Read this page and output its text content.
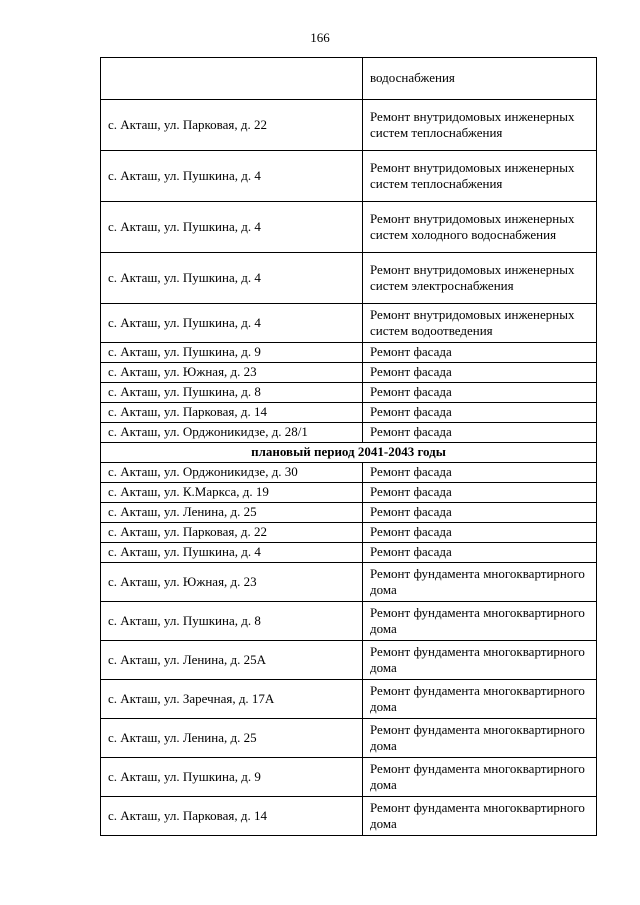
166
	водоснабжения
с. Акташ, ул. Парковая, д. 22	Ремонт внутридомовых инженерных систем теплоснабжения
с. Акташ, ул. Пушкина, д. 4	Ремонт внутридомовых инженерных систем теплоснабжения
с. Акташ, ул. Пушкина, д. 4	Ремонт внутридомовых инженерных систем холодного водоснабжения
с. Акташ, ул. Пушкина, д. 4	Ремонт внутридомовых инженерных систем электроснабжения
с. Акташ, ул. Пушкина, д. 4	Ремонт внутридомовых инженерных систем водоотведения
с. Акташ, ул. Пушкина, д. 9	Ремонт фасада
с. Акташ, ул. Южная, д. 23	Ремонт фасада
с. Акташ, ул. Пушкина, д. 8	Ремонт фасада
с. Акташ, ул. Парковая, д. 14	Ремонт фасада
с. Акташ, ул. Орджоникидзе, д. 28/1	Ремонт фасада
плановый период 2041-2043 годы	
с. Акташ, ул. Орджоникидзе, д. 30	Ремонт фасада
с. Акташ, ул. К.Маркса, д. 19	Ремонт фасада
с. Акташ, ул. Ленина, д. 25	Ремонт фасада
с. Акташ, ул. Парковая, д. 22	Ремонт фасада
с. Акташ, ул. Пушкина, д. 4	Ремонт фасада
с. Акташ, ул. Южная, д. 23	Ремонт фундамента многоквартирного дома
с. Акташ, ул. Пушкина, д. 8	Ремонт фундамента многоквартирного дома
с. Акташ, ул. Ленина, д. 25А	Ремонт фундамента многоквартирного дома
с. Акташ, ул. Заречная, д. 17А	Ремонт фундамента многоквартирного дома
с. Акташ, ул. Ленина, д. 25	Ремонт фундамента многоквартирного дома
с. Акташ, ул. Пушкина, д. 9	Ремонт фундамента многоквартирного дома
с. Акташ, ул. Парковая, д. 14	Ремонт фундамента многоквартирного дома
